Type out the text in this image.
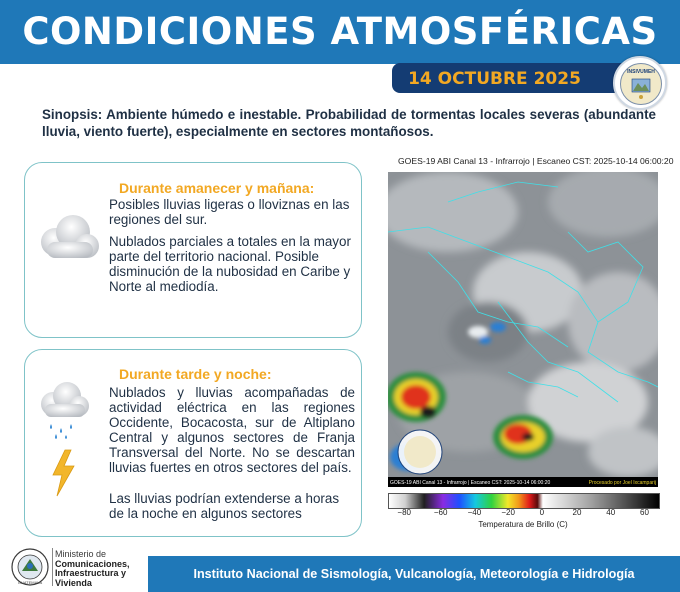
CONDICIONES ATMOSFÉRICAS
14 OCTUBRE 2025	INSIVUMEH
Sinopsis: Ambiente húmedo e inestable. Probabilidad de tormentas locales severas (abundante lluvia, viento fuerte), especialmente en sectores montañosos.
Durante amanecer y mañana:
Posibles lluvias ligeras o lloviznas en las regiones del sur.
Nublados parciales a totales en la mayor parte del territorio nacional. Posible disminución de la nubosidad en Caribe y Norte al mediodía.
Durante tarde y noche:
Nublados y lluvias acompañadas de actividad eléctrica en las regiones Occidente, Bocacosta, sur de Altiplano Central y algunos sectores de Franja Transversal del Norte. No se descartan lluvias fuertes en otros sectores del país.
Las lluvias podrían extenderse a horas de la noche en algunos sectores
GOES-19 ABI Canal 13 - Infrarrojo | Escaneo CST: 2025-10-14 06:00:20
GOES-19 ABI Canal 13 - Infrarrojo | Escaneo CST: 2025-10-14 06:00:20	Procesado por Joel Ixcamparij
−80	−60	−40	−20	0	20	40	60
Temperatura de Brillo (C)
GUATEMALA
Ministerio de
Comunicaciones,
Infraestructura y
Vivienda
Instituto Nacional de Sismología, Vulcanología, Meteorología e Hidrología
